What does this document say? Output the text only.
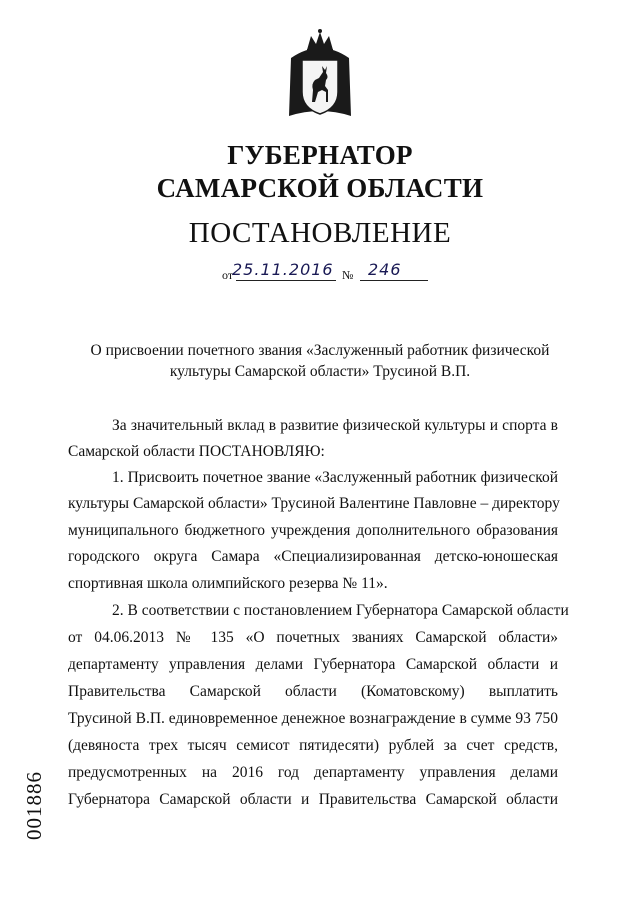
ГУБЕРНАТОР
САМАРСКОЙ ОБЛАСТИ
ПОСТАНОВЛЕНИЕ
от
25.11.2016 № 246
О присвоении почетного звания «Заслуженный работник физической
культуры Самарской области» Трусиной В.П.
За значительный вклад в развитие физической культуры и спорта в
Самарской области ПОСТАНОВЛЯЮ:
1. Присвоить почетное звание «Заслуженный работник физической
культуры Самарской области» Трусиной Валентине Павловне – директору
муниципального бюджетного учреждения дополнительного образования
городского округа Самара «Специализированная детско-юношеская
спортивная школа олимпийского резерва № 11».
2. В соответствии с постановлением Губернатора Самарской области
от 04.06.2013 № 135 «О почетных званиях Самарской области»
департаменту управления делами Губернатора Самарской области и
Правительства Самарской области (Коматовскому) выплатить
Трусиной В.П. единовременное денежное вознаграждение в сумме 93 750
(девяноста трех тысяч семисот пятидесяти) рублей за счет средств,
предусмотренных на 2016 год департаменту управления делами
Губернатора Самарской области и Правительства Самарской области
001886
